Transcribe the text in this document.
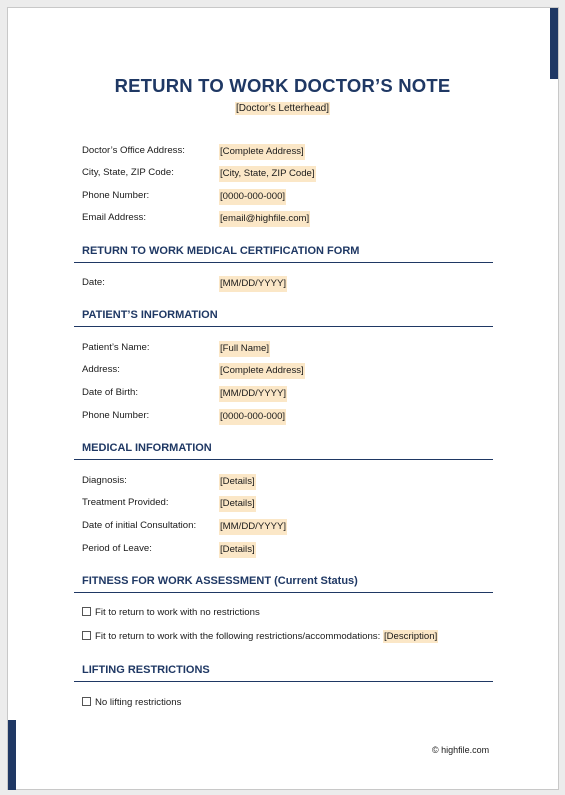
RETURN TO WORK DOCTOR’S NOTE
[Doctor’s Letterhead]
Doctor’s Office Address:	[Complete Address]
City, State, ZIP Code:	[City, State, ZIP Code]
Phone Number:	[0000-000-000]
Email Address:	[email@highfile.com]
RETURN TO WORK MEDICAL CERTIFICATION FORM
Date:	[MM/DD/YYYY]
PATIENT’S INFORMATION
Patient’s Name:	[Full Name]
Address:	[Complete Address]
Date of Birth:	[MM/DD/YYYY]
Phone Number:	[0000-000-000]
MEDICAL INFORMATION
Diagnosis:	[Details]
Treatment Provided:	[Details]
Date of initial Consultation: [MM/DD/YYYY]
Period of Leave:	[Details]
FITNESS FOR WORK ASSESSMENT (Current Status)
Fit to return to work with no restrictions
Fit to return to work with the following restrictions/accommodations: [Description]
LIFTING RESTRICTIONS
No lifting restrictions
© highfile.com
